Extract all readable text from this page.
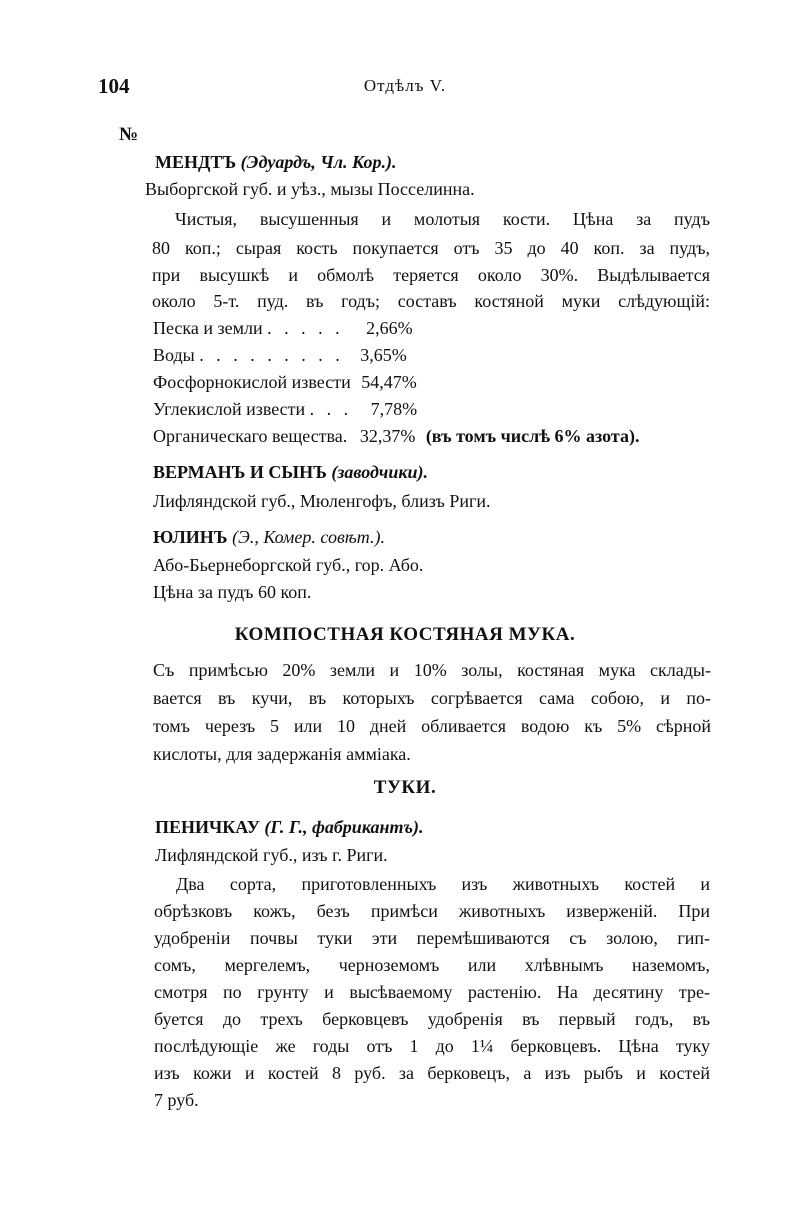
104	Отдѣлъ V.
№
МЕНДТЪ (Эдуардъ, Чл. Кор.).
Выборгской губ. и уѣз., мызы Посселинна.
Чистыя, высушенныя и молотыя кости. Цѣна за пудъ
80 коп.; сырая кость покупается отъ 35 до 40 коп. за пудъ,
при высушкѣ и обмолѣ теряется около 30%. Выдѣлывается
около 5-т. пуд. въ годъ; составъ костяной муки слѣдующій:
Песка и земли . . . . . 2,66%
Воды . . . . . . . . . 3,65%
Фосфорнокислой извести 54,47%
Углекислой извести . . . 7,78%
Органическаго вещества. 32,37% (въ томъ числѣ 6% азота).
ВЕРМАНЪ И СЫНЪ (заводчики).
Лифляндской губ., Мюленгофъ, близъ Риги.
ЮЛИНЪ (Э., Комер. совѣт.).
Або-Бьернеборгской губ., гор. Або.
Цѣна за пудъ 60 коп.
КОМПОСТНАЯ КОСТЯНАЯ МУКА.
Съ примѣсью 20% земли и 10% золы, костяная мука склады-
вается въ кучи, въ которыхъ согрѣвается сама собою, и по-
томъ черезъ 5 или 10 дней обливается водою къ 5% сѣрной
кислоты, для задержанія амміака.
ТУКИ.
ПЕНИЧКАУ (Г. Г., фабрикантъ).
Лифляндской губ., изъ г. Риги.
Два сорта, приготовленныхъ изъ животныхъ костей и
обрѣзковъ кожъ, безъ примѣси животныхъ изверженій. При
удобреніи почвы туки эти перемѣшиваются съ золою, гип-
сомъ, мергелемъ, черноземомъ или хлѣвнымъ наземомъ,
смотря по грунту и высѣваемому растенію. На десятину тре-
буется до трехъ берковцевъ удобренія въ первый годъ, въ
послѣдующіе же годы отъ 1 до 1¼ берковцевъ. Цѣна туку
изъ кожи и костей 8 руб. за берковецъ, а изъ рыбъ и костей
7 руб.
